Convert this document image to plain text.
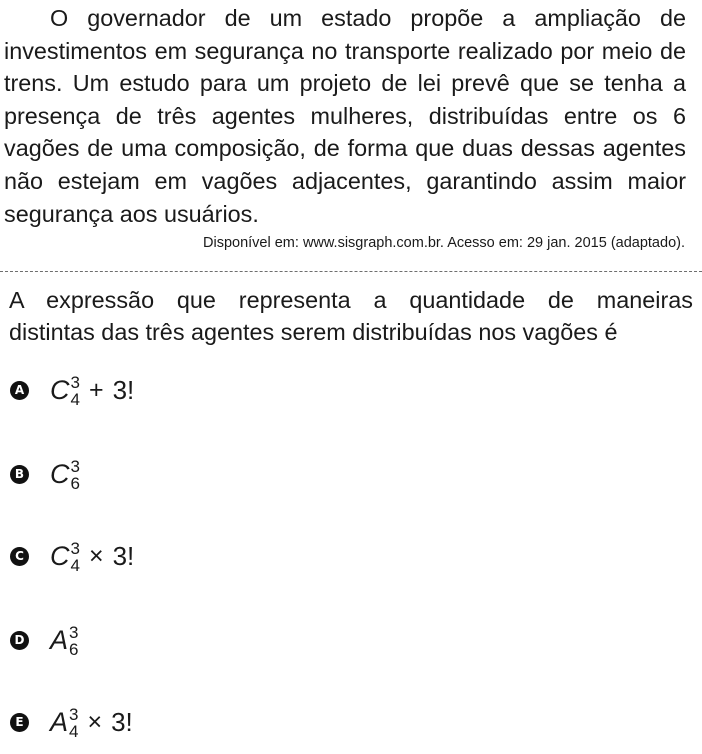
O governador de um estado propõe a ampliação de investimentos em segurança no transporte realizado por meio de trens. Um estudo para um projeto de lei prevê que se tenha a presença de três agentes mulheres, distribuídas entre os 6 vagões de uma composição, de forma que duas dessas agentes não estejam em vagões adjacentes, garantindo assim maior segurança aos usuários.

Disponível em: www.sisgraph.com.br. Acesso em: 29 jan. 2015 (adaptado).

A expressão que representa a quantidade de maneiras
distintas das três agentes serem distribuídas nos vagões é

A C 3
4 + 3!
B C 3
6
C C 3
4 × 3!
D A 3
6
E A 3
4 × 3!
